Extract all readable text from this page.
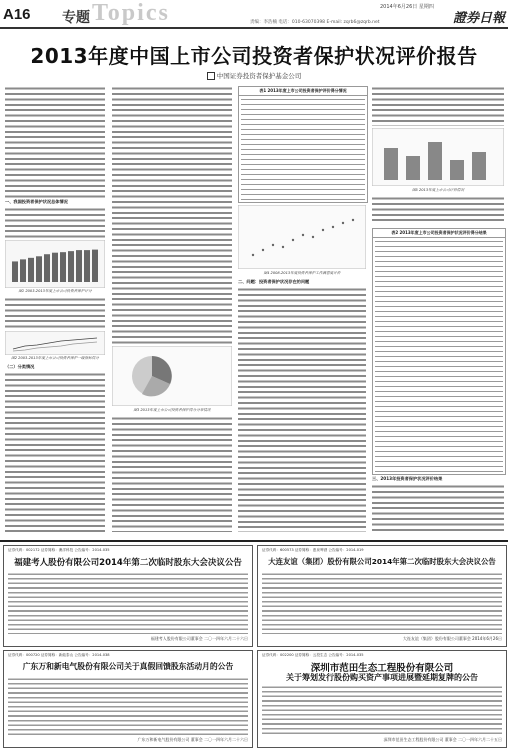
A16 专题 Topics	2014年6月26日 星期四
责编：李浩楠 电话：010-63070398 E-mail: zqrb6@zqrb.net	證券日報
2013年度中国上市公司投资者保护状况评价报告
中国证券投资者保护基金公司
一、我国投资者保护状况总体情况
图1 2003-2013年度上市公司投资者保护评分
图2 2003-2013年度上市公司投资者保护一级指标得分
（二）分类情况
图3 2013年度上市公司投资者保护得分分布情况
表1 2013年度上市公司投资者保护评价得分情况
图4 2008-2013年度投资者保护工作满意度评价
二、问题：投资者保护状况存在的问题
图5 2013年度上市公司评价情况
表2 2013年度上市公司投资者保护状况评价得分结果
三、2013年投资者保护状况评价结果
证券代码：002172 证券简称：澳洋科技 公告编号：2014-035
福建考人股份有限公司2014年第二次临时股东大会决议公告
福建考人股份有限公司董事会 二〇一四年六月二十六日
证券代码：600573 证券简称：惠泉啤酒 公告编号：2014-019
大连友谊（集团）股份有限公司2014年第二次临时股东大会决议公告
大连友谊（集团）股份有限公司董事会 2014年6月26日
证券代码：000720 证券简称：新能泰山 公告编号：2014-038
广东万和新电气股份有限公司关于真假回馈股东活动月的公告
广东万和新电气股份有限公司 董事会 二〇一四年六月二十六日
证券代码：002200 证券简称：云投生态 公告编号：2014-035
深圳市范田生态工程股份有限公司
关于筹划发行股份购买资产事项进展暨延期复牌的公告
深圳市范田生态工程股份有限公司 董事会 二〇一四年六月二十五日
